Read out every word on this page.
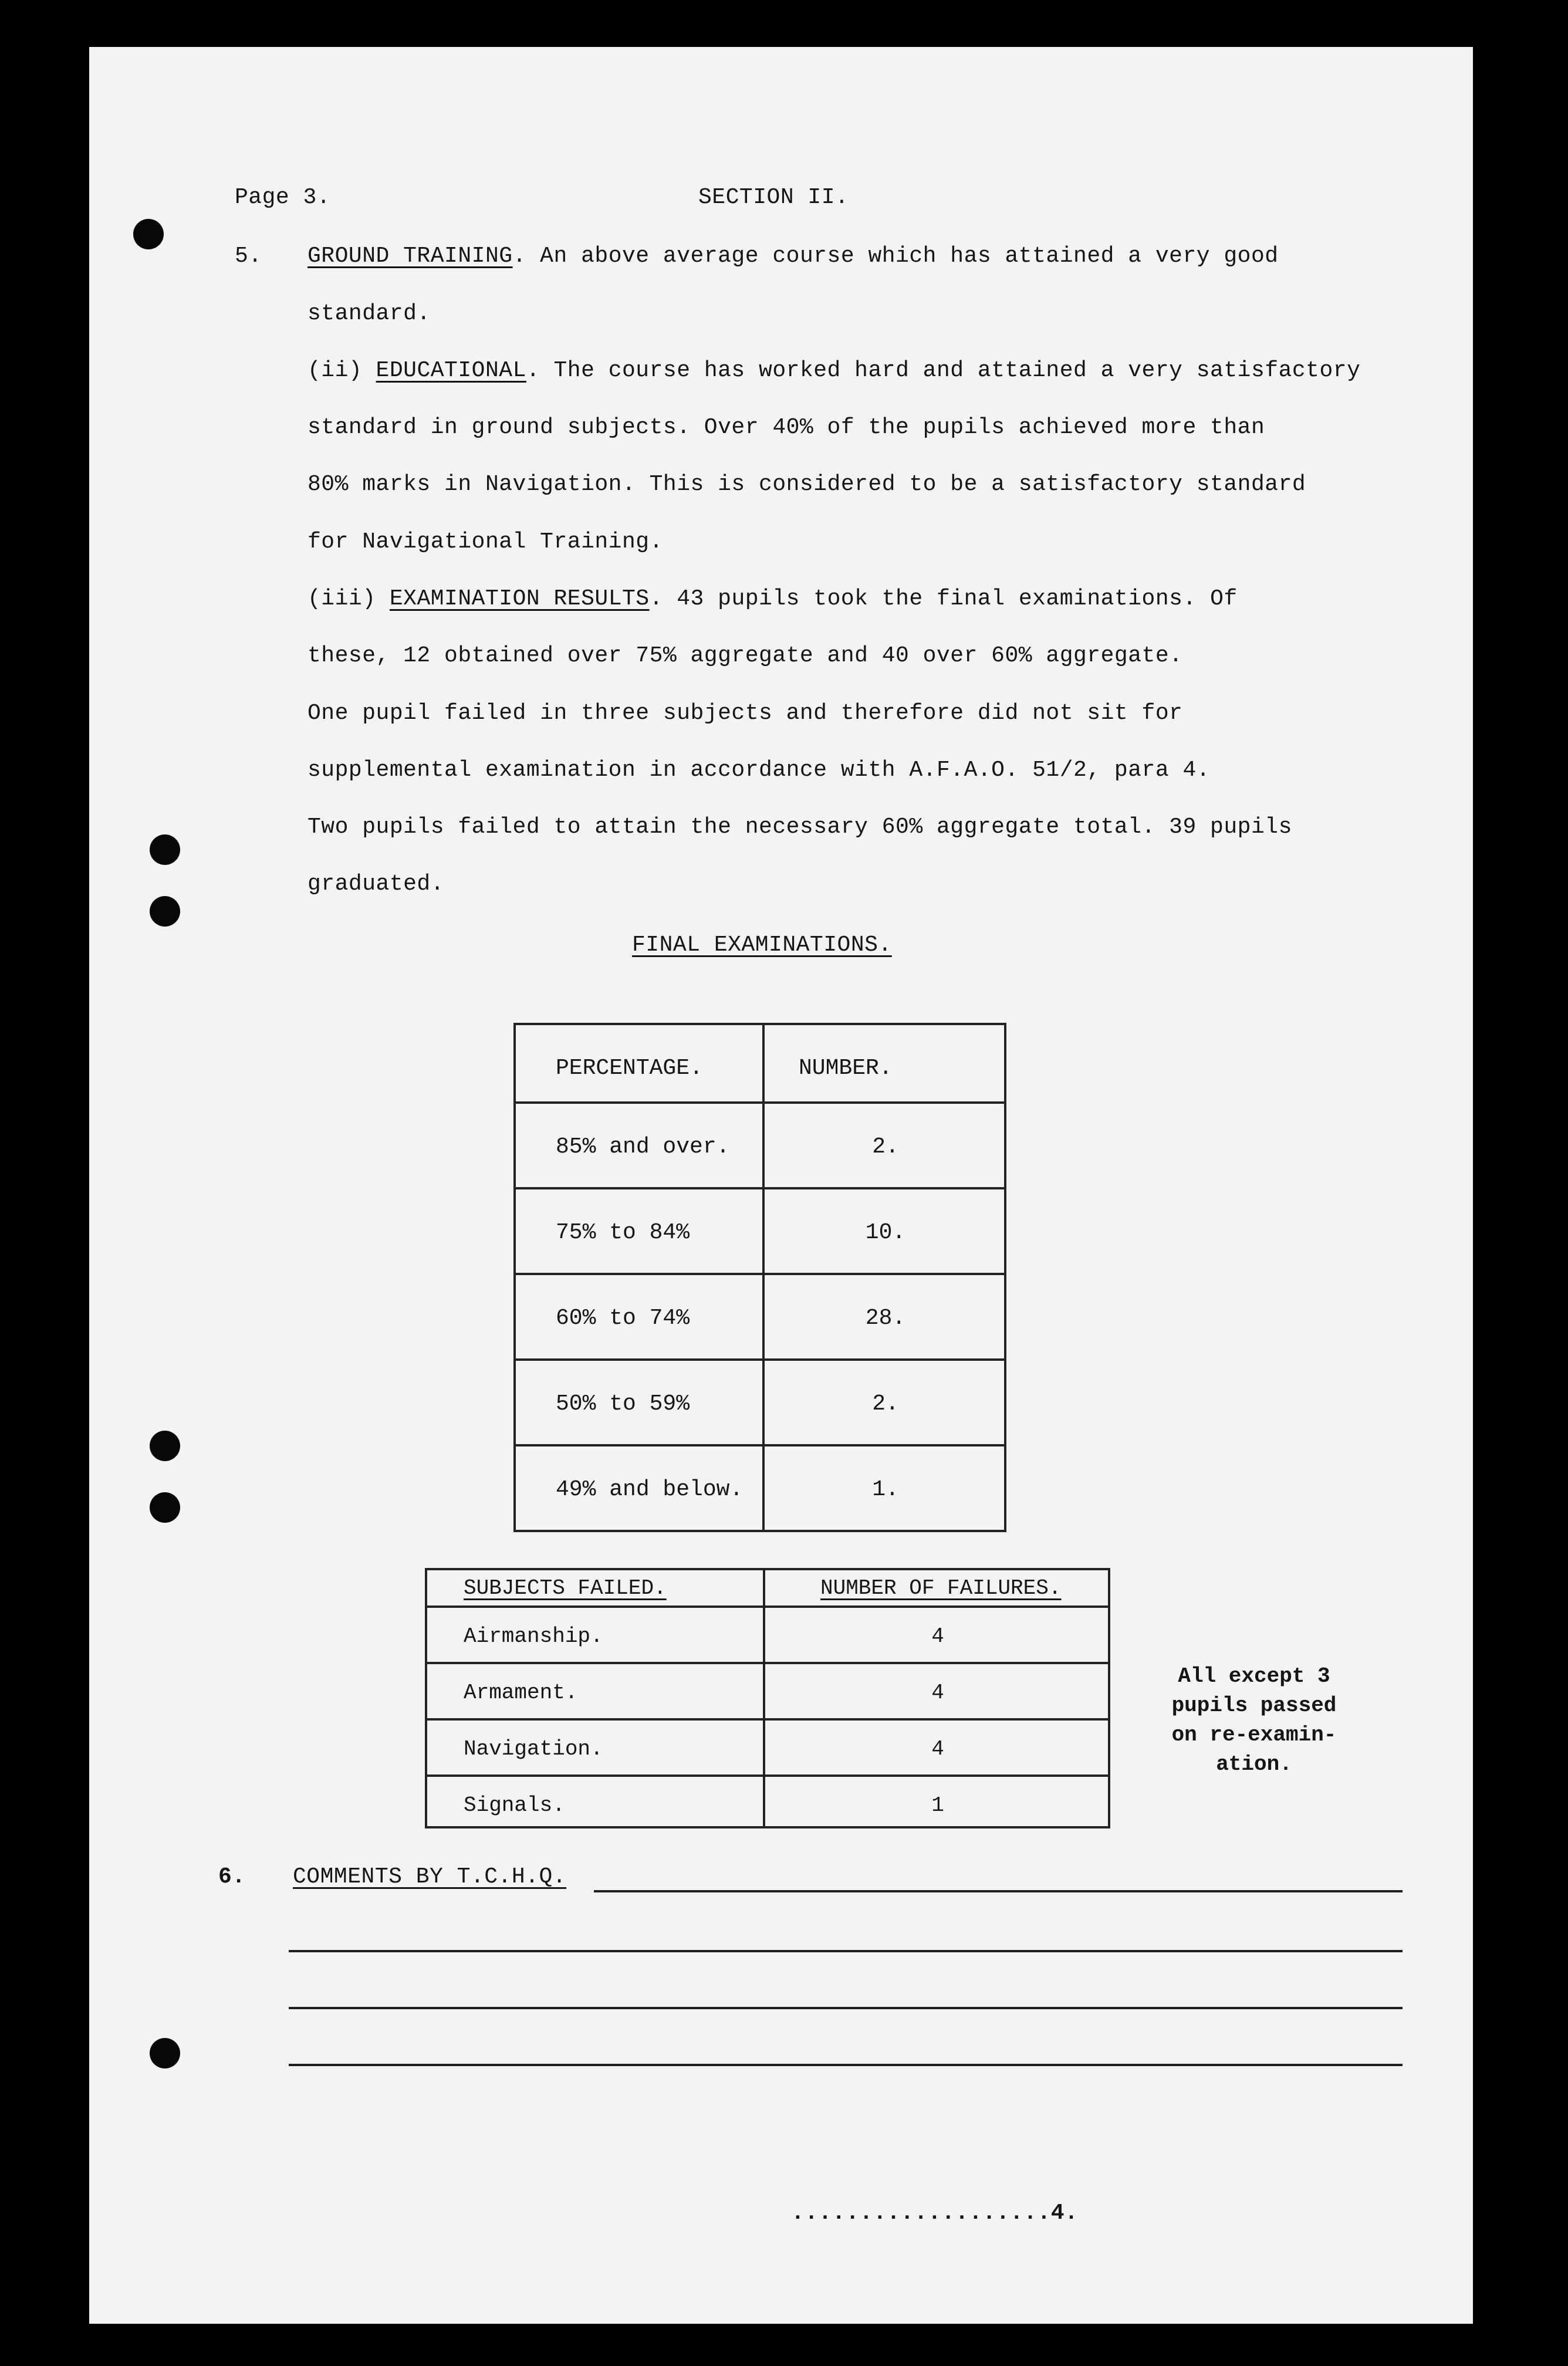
Page 3.	SECTION II.
5. GROUND TRAINING. An above average course which has attained a very good
standard.
(ii) EDUCATIONAL. The course has worked hard and attained a very satisfactory
standard in ground subjects. Over 40% of the pupils achieved more than
80% marks in Navigation. This is considered to be a satisfactory standard
for Navigational Training.
(iii) EXAMINATION RESULTS. 43 pupils took the final examinations. Of
these, 12 obtained over 75% aggregate and 40 over 60% aggregate.
One pupil failed in three subjects and therefore did not sit for
supplemental examination in accordance with A.F.A.O. 51/2, para 4.
Two pupils failed to attain the necessary 60% aggregate total. 39 pupils
graduated.
FINAL EXAMINATIONS.
PERCENTAGE.	NUMBER.
85% and over.	2.
75% to 84%	10.
60% to 74%	28.
50% to 59%	2.
49% and below.	1.
SUBJECTS FAILED.	NUMBER OF FAILURES.
Airmanship.	4
Armament.	4
Navigation.	4
Signals.	1
All except 3
pupils passed
on re-examin-
ation.
6. COMMENTS BY T.C.H.Q.
...................4.
